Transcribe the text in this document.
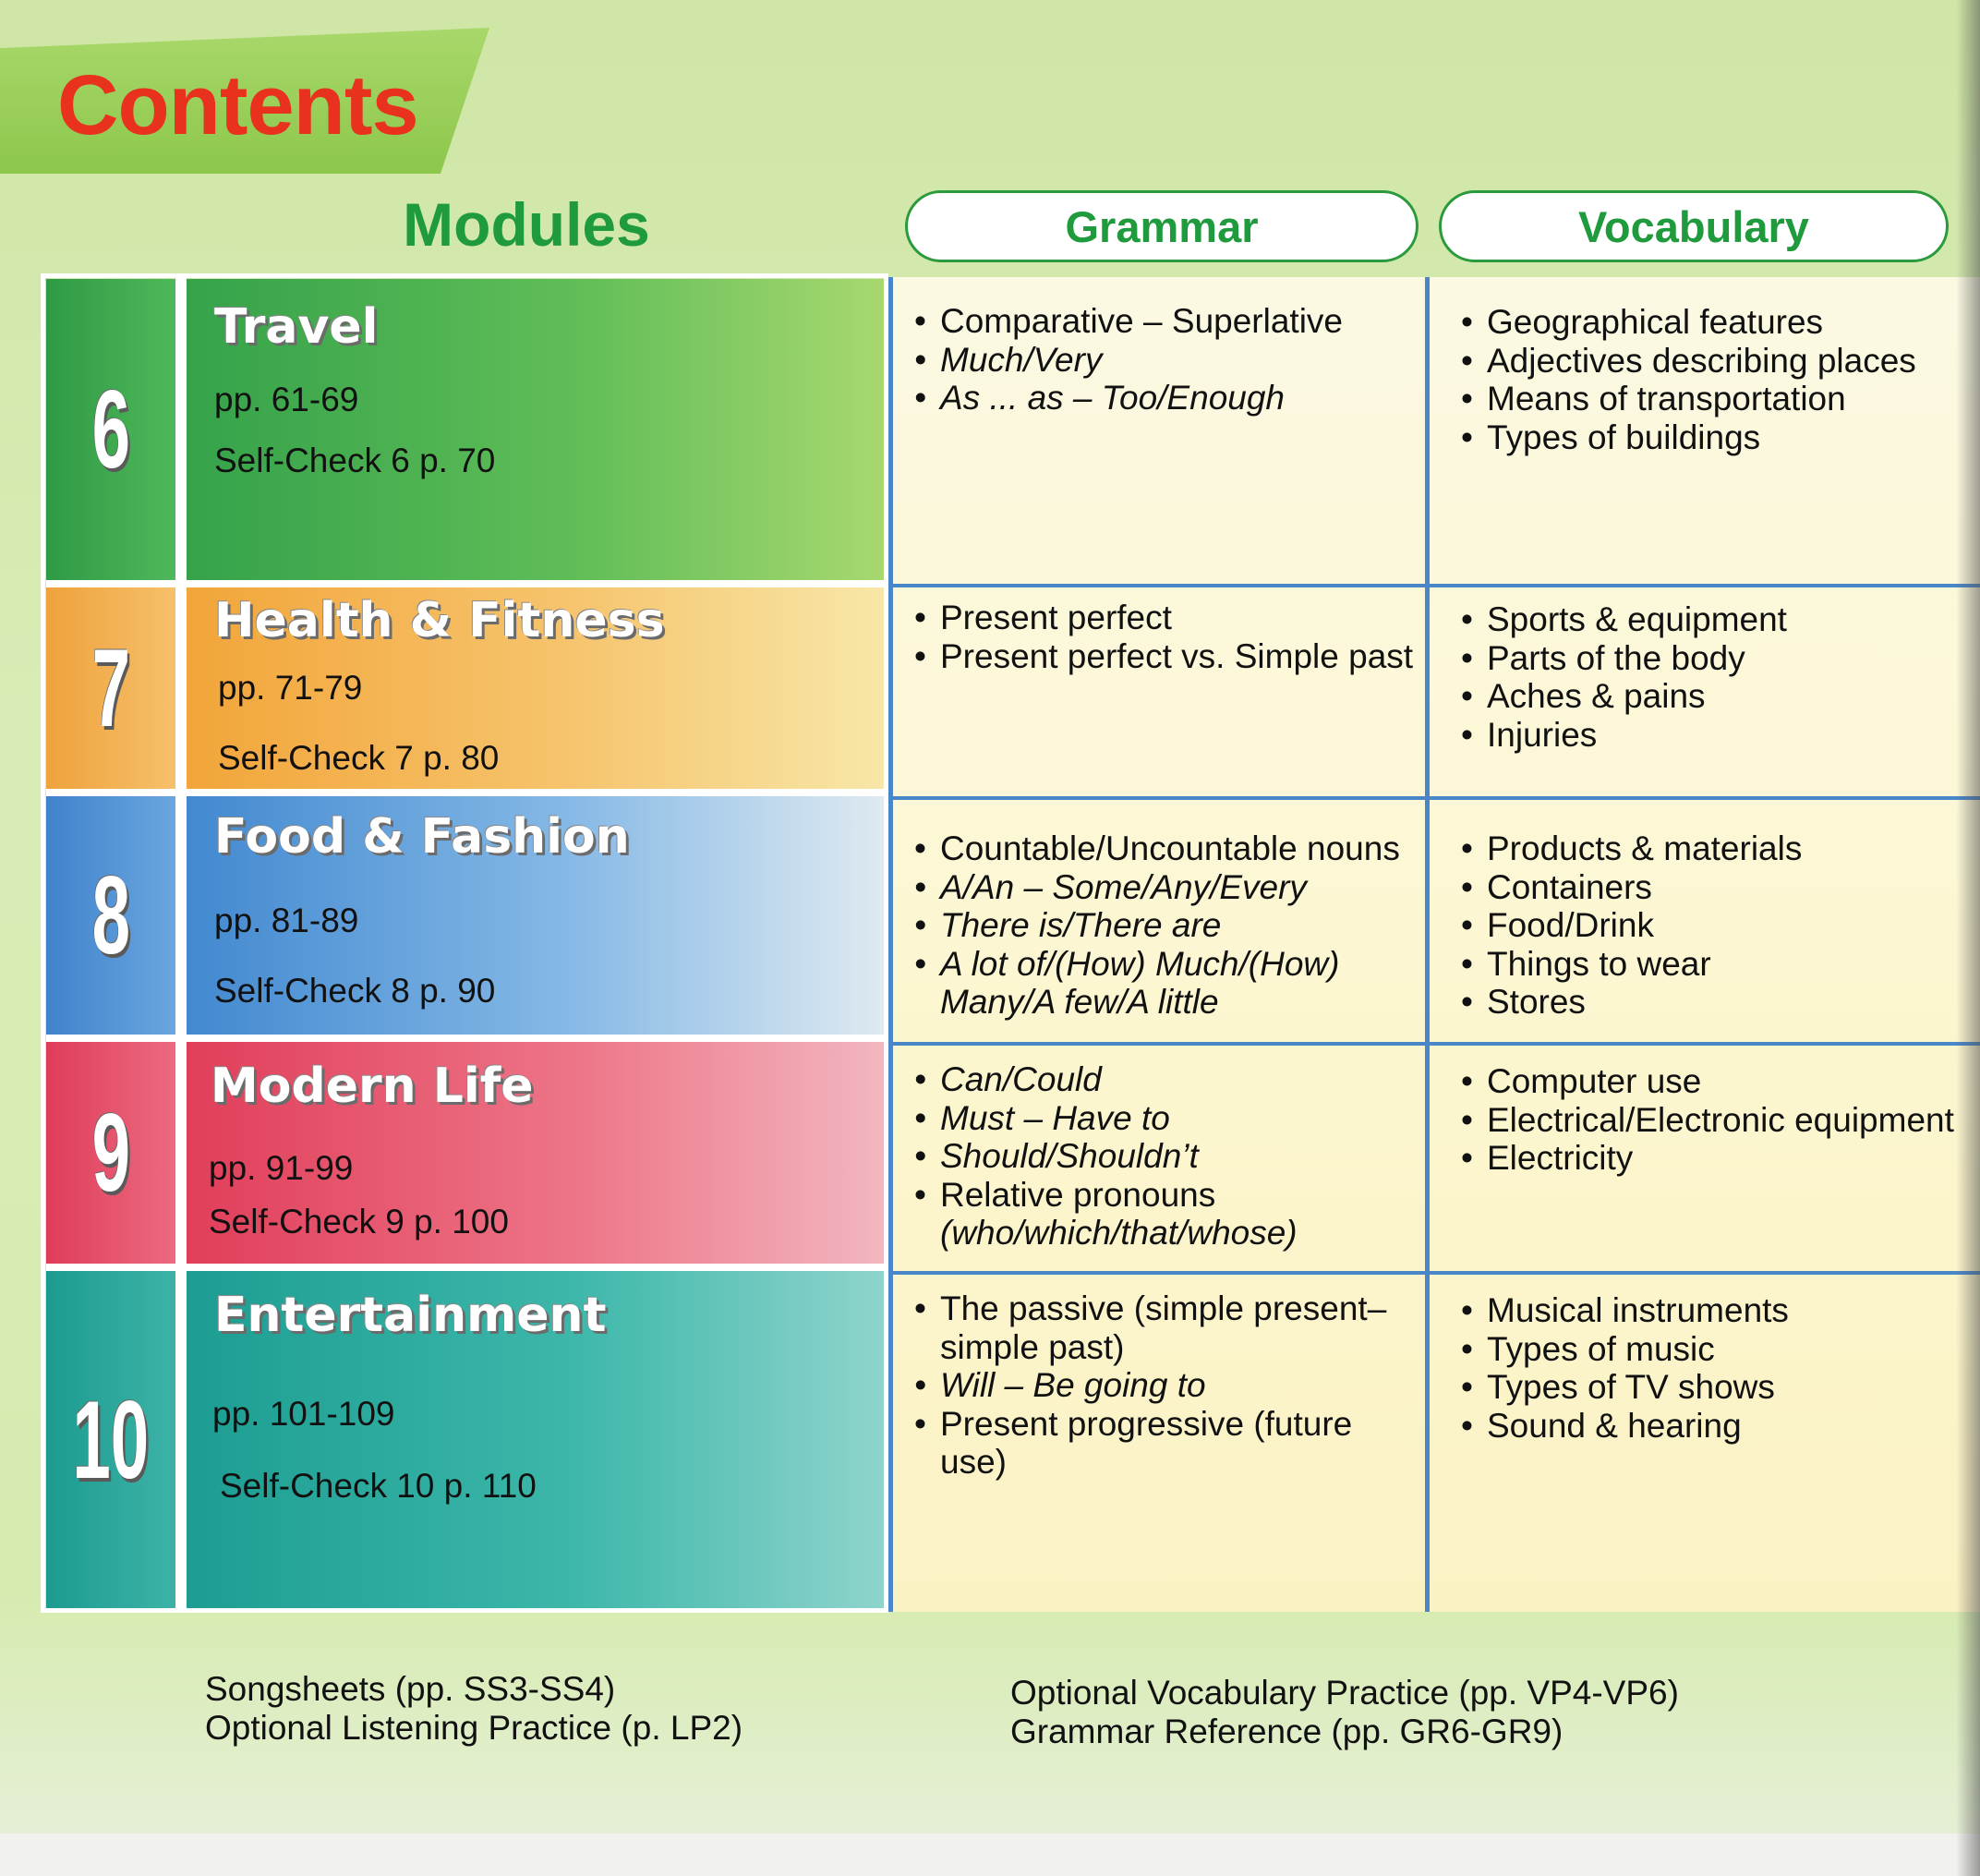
Contents
Modules	Grammar	Vocabulary
6
Travel
pp. 61-69
Self-Check 6 p. 70
• Comparative – Superlative
• Much/Very
• As ... as – Too/Enough
• Geographical features
• Adjectives describing places
• Means of transportation
• Types of buildings
7
Health & Fitness
pp. 71-79
Self-Check 7 p. 80
• Present perfect
• Present perfect vs. Simple past
• Sports & equipment
• Parts of the body
• Aches & pains
• Injuries
8
Food & Fashion
pp. 81-89
Self-Check 8 p. 90
• Countable/Uncountable nouns
• A/An – Some/Any/Every
• There is/There are
• A lot of/(How) Much/(How) Many/A few/A little
• Products & materials
• Containers
• Food/Drink
• Things to wear
• Stores
9
Modern Life
pp. 91-99
Self-Check 9 p. 100
• Can/Could
• Must – Have to
• Should/Shouldn’t
• Relative pronouns
(who/which/that/whose)
• Computer use
• Electrical/Electronic equipment
• Electricity
10
Entertainment
pp. 101-109
Self-Check 10 p. 110
• The passive (simple present– simple past)
• Will – Be going to
• Present progressive (future use)
• Musical instruments
• Types of music
• Types of TV shows
• Sound & hearing
Songsheets (pp. SS3-SS4)
Optional Listening Practice (p. LP2)
Optional Vocabulary Practice (pp. VP4-VP6)
Grammar Reference (pp. GR6-GR9)
